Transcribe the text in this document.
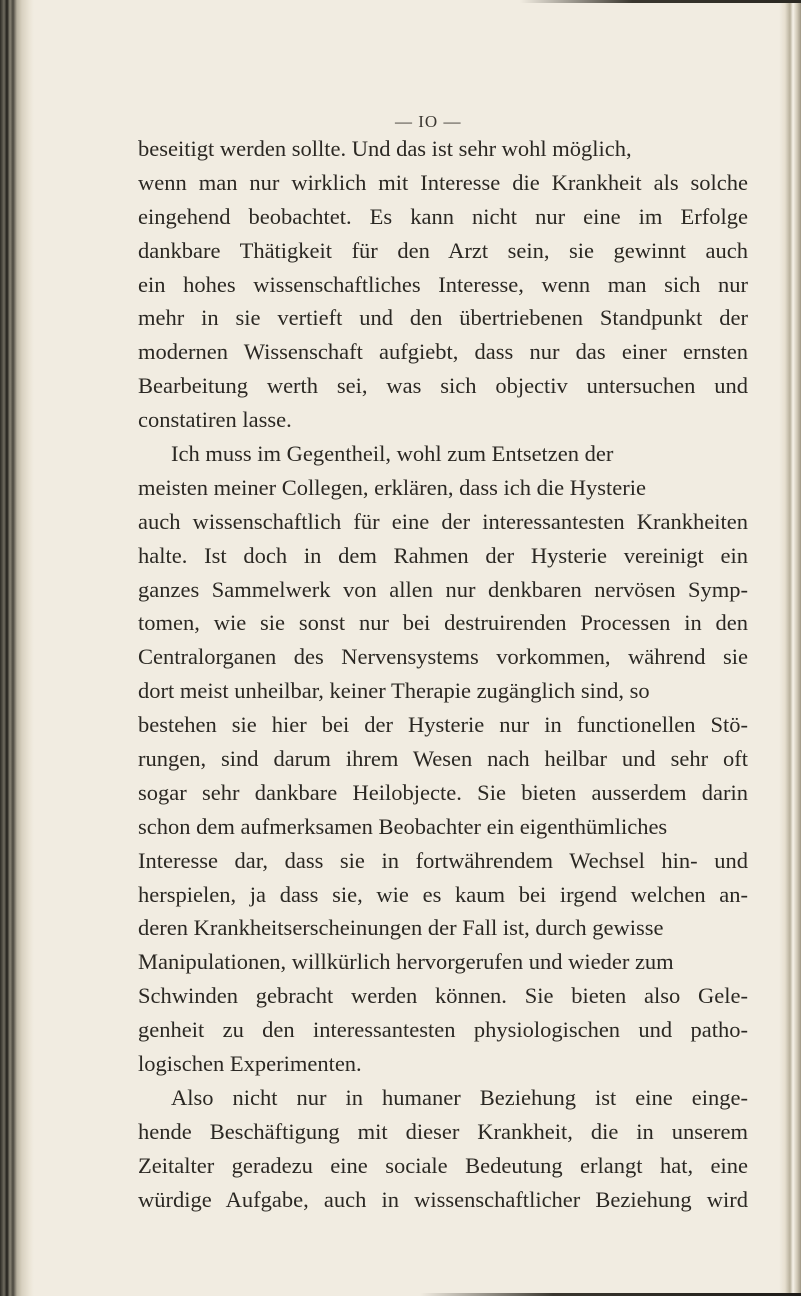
— IO —
beseitigt werden sollte. Und das ist sehr wohl möglich,
wenn man nur wirklich mit Interesse die Krankheit als solche
eingehend beobachtet. Es kann nicht nur eine im Erfolge
dankbare Thätigkeit für den Arzt sein, sie gewinnt auch
ein hohes wissenschaftliches Interesse, wenn man sich nur
mehr in sie vertieft und den übertriebenen Standpunkt der
modernen Wissenschaft aufgiebt, dass nur das einer ernsten
Bearbeitung werth sei, was sich objectiv untersuchen und
constatiren lasse.
Ich muss im Gegentheil, wohl zum Entsetzen der
meisten meiner Collegen, erklären, dass ich die Hysterie
auch wissenschaftlich für eine der interessantesten Krankheiten
halte. Ist doch in dem Rahmen der Hysterie vereinigt ein
ganzes Sammelwerk von allen nur denkbaren nervösen Symp-
tomen, wie sie sonst nur bei destruirenden Processen in den
Centralorganen des Nervensystems vorkommen, während sie
dort meist unheilbar, keiner Therapie zugänglich sind, so
bestehen sie hier bei der Hysterie nur in functionellen Stö-
rungen, sind darum ihrem Wesen nach heilbar und sehr oft
sogar sehr dankbare Heilobjecte. Sie bieten ausserdem darin
schon dem aufmerksamen Beobachter ein eigenthümliches
Interesse dar, dass sie in fortwährendem Wechsel hin- und
herspielen, ja dass sie, wie es kaum bei irgend welchen an-
deren Krankheitserscheinungen der Fall ist, durch gewisse
Manipulationen, willkürlich hervorgerufen und wieder zum
Schwinden gebracht werden können. Sie bieten also Gele-
genheit zu den interessantesten physiologischen und patho-
logischen Experimenten.
Also nicht nur in humaner Beziehung ist eine einge-
hende Beschäftigung mit dieser Krankheit, die in unserem
Zeitalter geradezu eine sociale Bedeutung erlangt hat, eine
würdige Aufgabe, auch in wissenschaftlicher Beziehung wird
